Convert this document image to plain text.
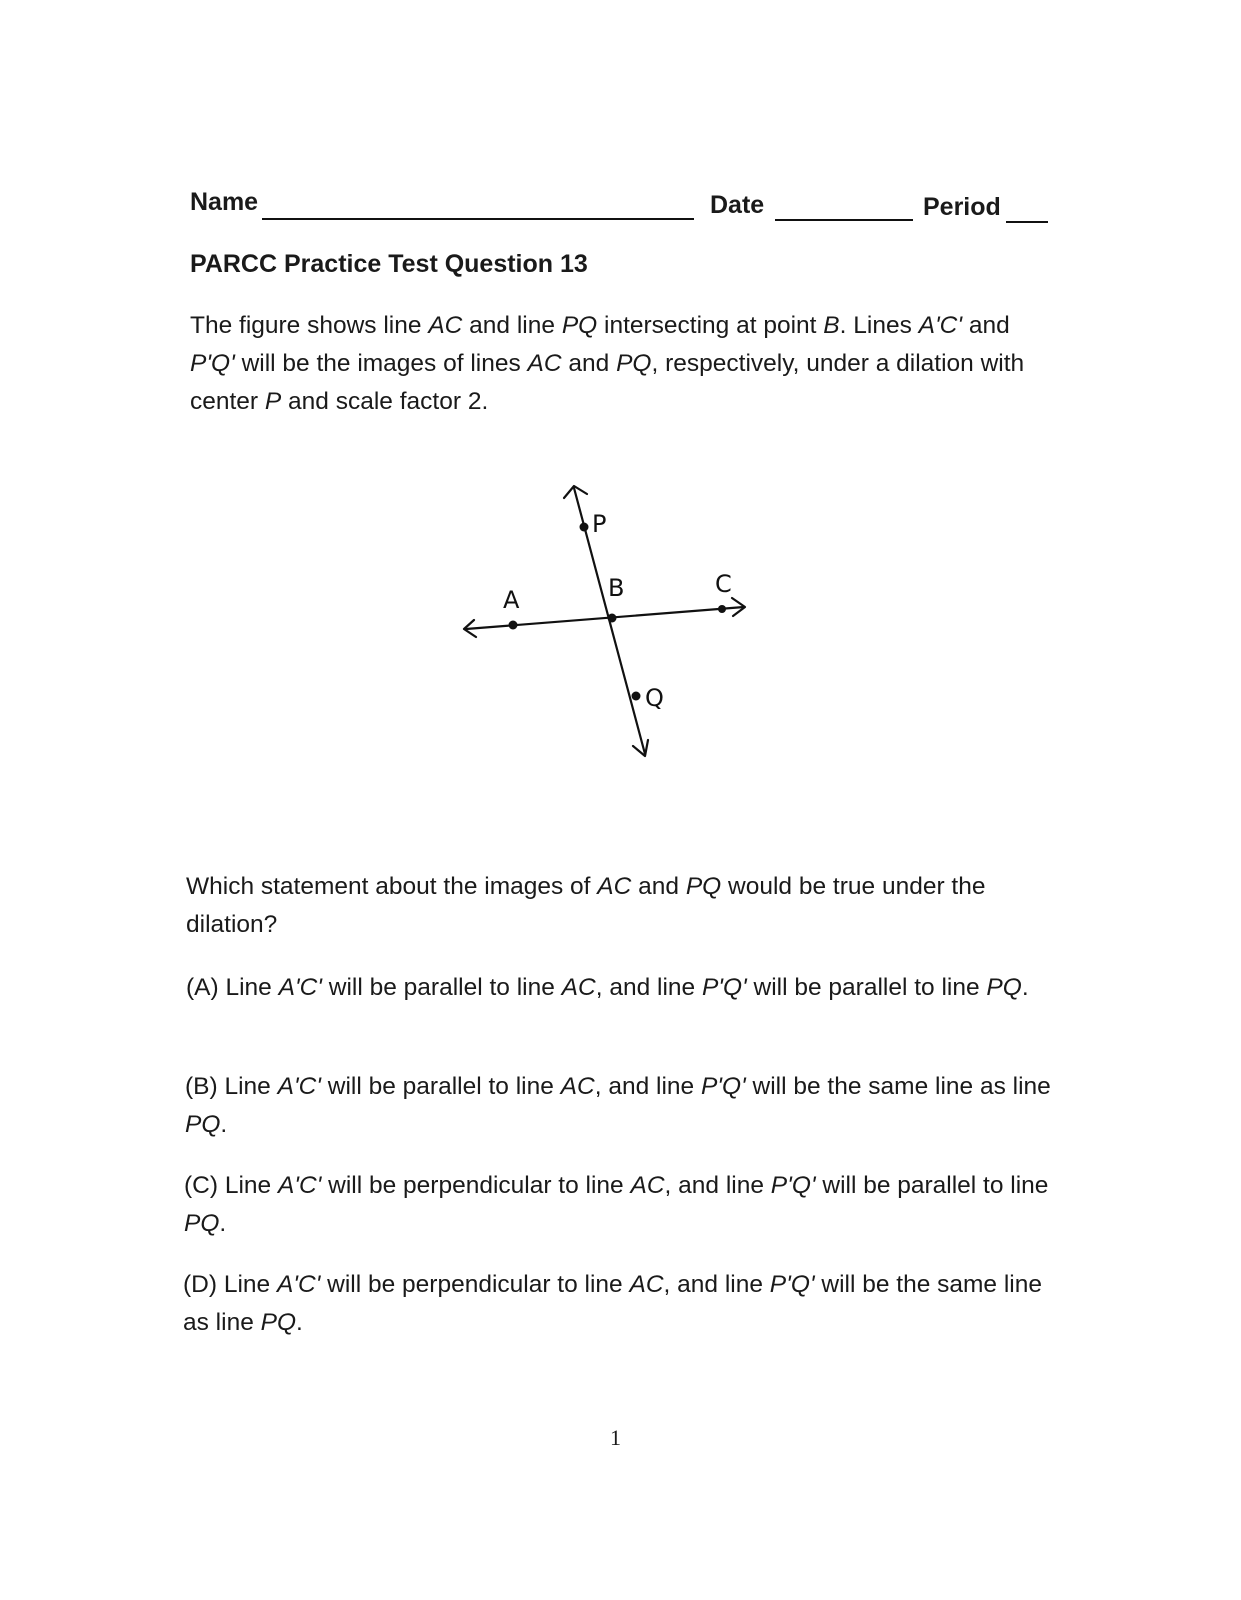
Name	Date	Period
PARCC Practice Test Question 13
The figure shows line AC and line PQ intersecting at point B. Lines A'C' and P'Q' will be the images of lines AC and PQ, respectively, under a dilation with center P and scale factor 2.
P
A	B	C
Q
Which statement about the images of AC and PQ would be true under the dilation?
(A) Line A'C' will be parallel to line AC, and line P'Q' will be parallel to line PQ.
(B) Line A'C' will be parallel to line AC, and line P'Q' will be the same line as line PQ.
(C) Line A'C' will be perpendicular to line AC, and line P'Q' will be parallel to line PQ.
(D) Line A'C' will be perpendicular to line AC, and line P'Q' will be the same line as line PQ.
1
